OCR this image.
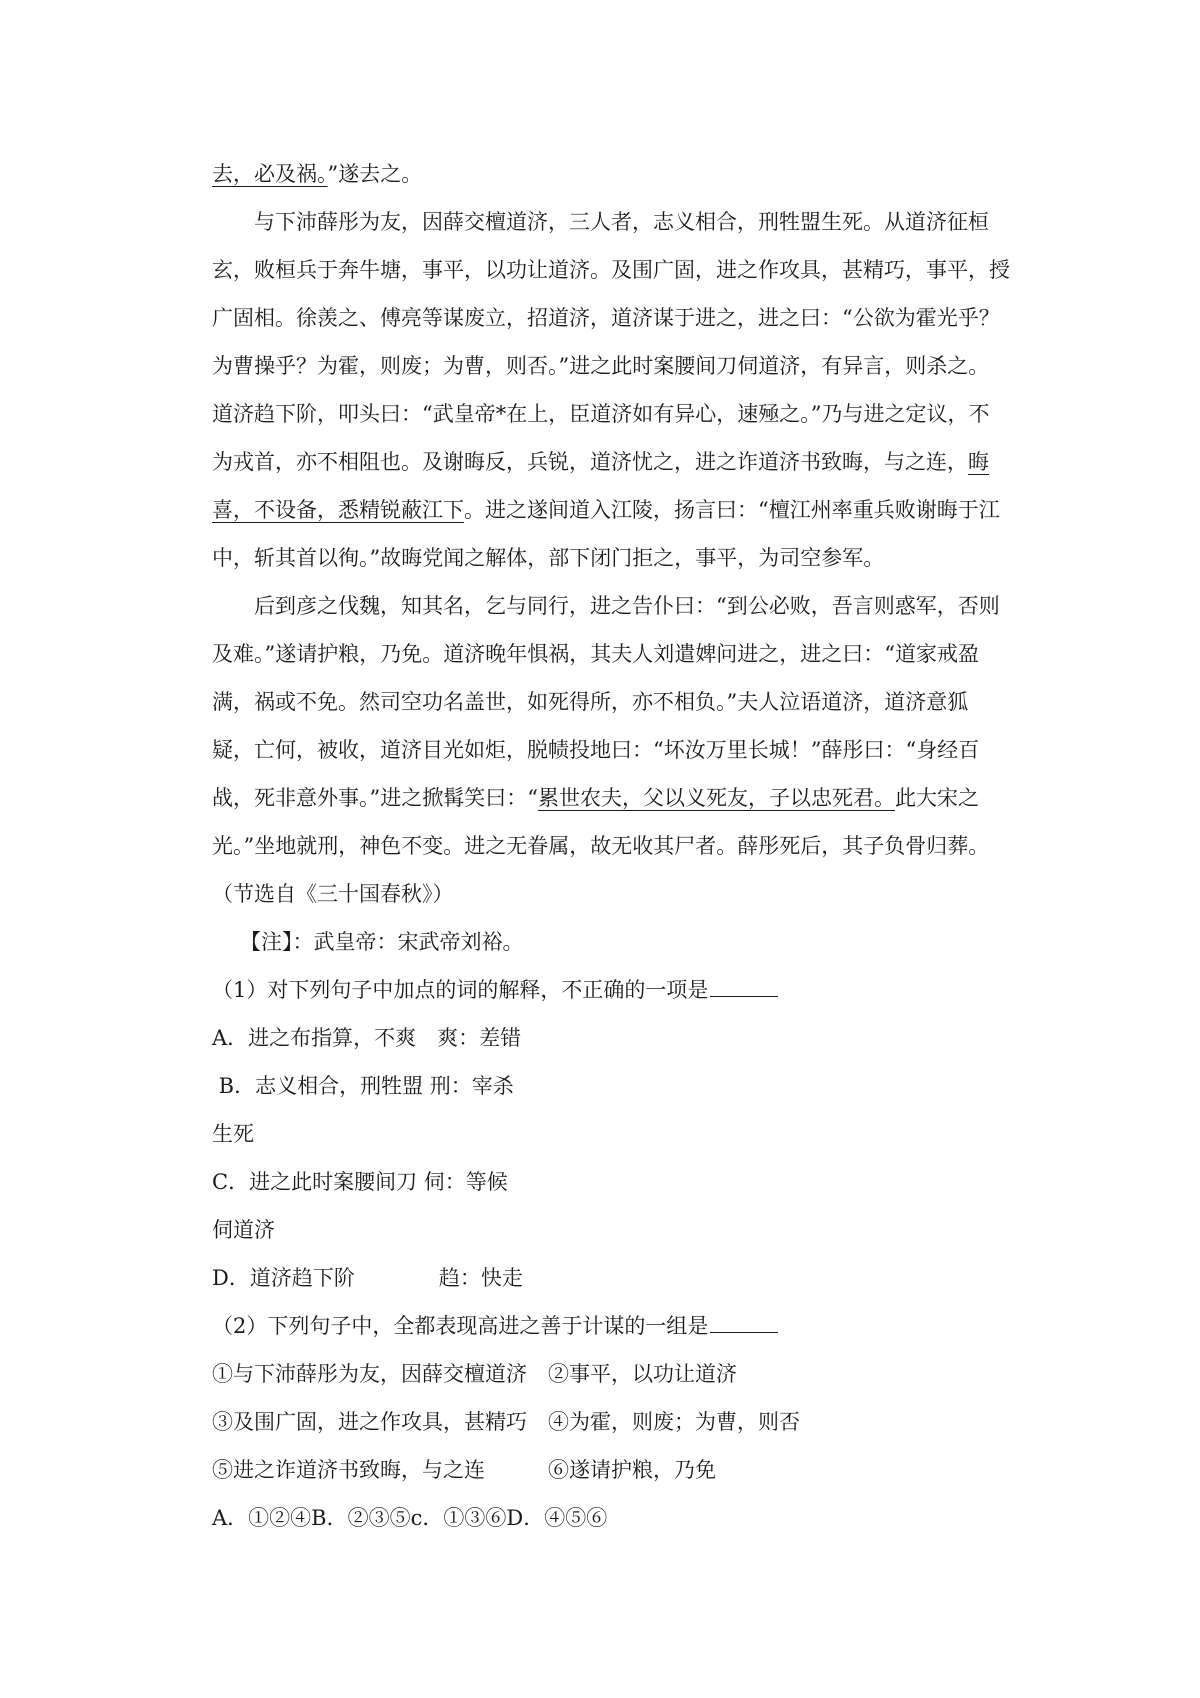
去，必及祸。”遂去之。
与下沛薛彤为友，因薛交檀道济，三人者，志义相合，刑牲盟生死。从道济征桓
玄，败桓兵于奔牛塘，事平，以功让道济。及围广固，进之作攻具，甚精巧，事平，授
广固相。徐羡之、傅亮等谋废立，招道济，道济谋于进之，进之曰：“公欲为霍光乎？
为曹操乎？为霍，则废；为曹，则否。”进之此时案腰间刀伺道济，有异言，则杀之。
道济趋下阶，叩头曰：“武皇帝*在上，臣道济如有异心，速殛之。”乃与进之定议，不
为戎首，亦不相阻也。及谢晦反，兵锐，道济忧之，进之诈道济书致晦，与之连，晦
喜，不设备，悉精锐蔽江下。进之遂间道入江陵，扬言曰：“檀江州率重兵败谢晦于江
中，斩其首以徇。”故晦党闻之解体，部下闭门拒之，事平，为司空参军。
后到彦之伐魏，知其名，乞与同行，进之告仆曰：“到公必败，吾言则惑军，否则
及难。”遂请护粮，乃免。道济晚年惧祸，其夫人刘遣婢问进之，进之曰：“道家戒盈
满，祸或不免。然司空功名盖世，如死得所，亦不相负。”夫人泣语道济，道济意狐
疑，亡何，被收，道济目光如炬，脱帻投地曰：“坏汝万里长城！”薛彤曰：“身经百
战，死非意外事。”进之掀髯笑曰：“累世农夫，父以义死友，子以忠死君。此大宋之
光。”坐地就刑，神色不变。进之无眷属，故无收其尸者。薛彤死后，其子负骨归葬。
（节选自《三十国春秋》）
【注】：武皇帝：宋武帝刘裕。
（1）对下列句子中加点的词的解释，不正确的一项是
A．进之布指算，不爽　爽：差错
B．志义相合，刑牲盟 刑：宰杀
生死
C．进之此时案腰间刀 伺：等候
伺道济
D．道济趋下阶　　　　趋：快走
（2）下列句子中，全都表现高进之善于计谋的一组是
①与下沛薛彤为友，因薛交檀道济　②事平，以功让道济
③及围广固，进之作攻具，甚精巧　④为霍，则废；为曹，则否
⑤进之诈道济书致晦，与之连　　　⑥遂请护粮，乃免
A．①②④B．②③⑤c．①③⑥D．④⑤⑥
